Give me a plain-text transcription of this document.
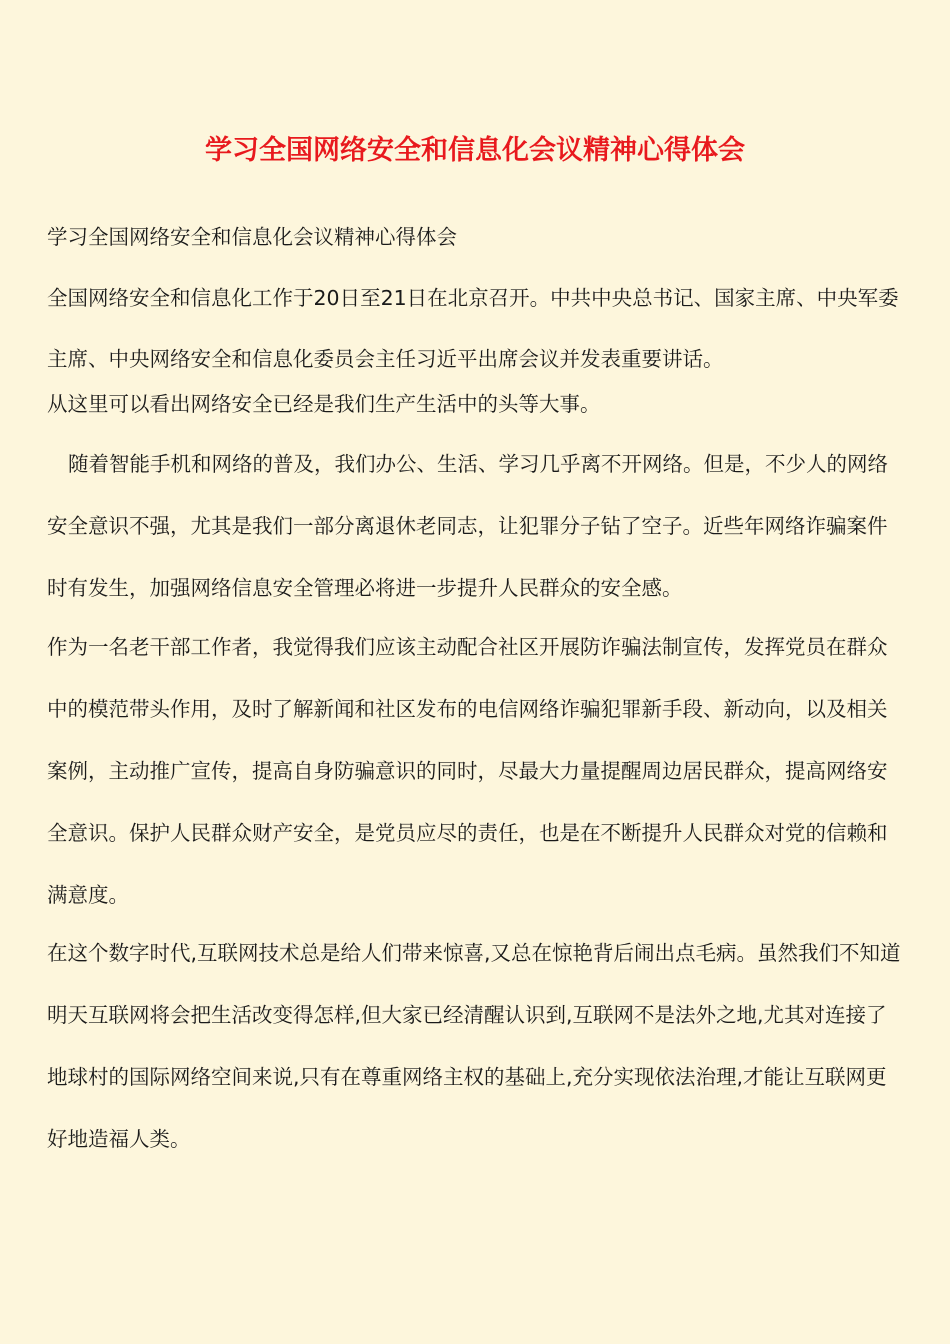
学习全国网络安全和信息化会议精神心得体会

学习全国网络安全和信息化会议精神心得体会

全国网络安全和信息化工作于20日至21日在北京召开。中共中央总书记、国家主席、中央军委主席、中央网络安全和信息化委员会主任习近平出席会议并发表重要讲话。

从这里可以看出网络安全已经是我们生产生活中的头等大事。

随着智能手机和网络的普及，我们办公、生活、学习几乎离不开网络。但是，不少人的网络安全意识不强，尤其是我们一部分离退休老同志，让犯罪分子钻了空子。近些年网络诈骗案件时有发生，加强网络信息安全管理必将进一步提升人民群众的安全感。

作为一名老干部工作者，我觉得我们应该主动配合社区开展防诈骗法制宣传，发挥党员在群众中的模范带头作用，及时了解新闻和社区发布的电信网络诈骗犯罪新手段、新动向，以及相关案例，主动推广宣传，提高自身防骗意识的同时，尽最大力量提醒周边居民群众，提高网络安全意识。保护人民群众财产安全，是党员应尽的责任，也是在不断提升人民群众对党的信赖和满意度。

在这个数字时代,互联网技术总是给人们带来惊喜,又总在惊艳背后闹出点毛病。虽然我们不知道明天互联网将会把生活改变得怎样,但大家已经清醒认识到,互联网不是法外之地,尤其对连接了地球村的国际网络空间来说,只有在尊重网络主权的基础上,充分实现依法治理,才能让互联网更好地造福人类。
